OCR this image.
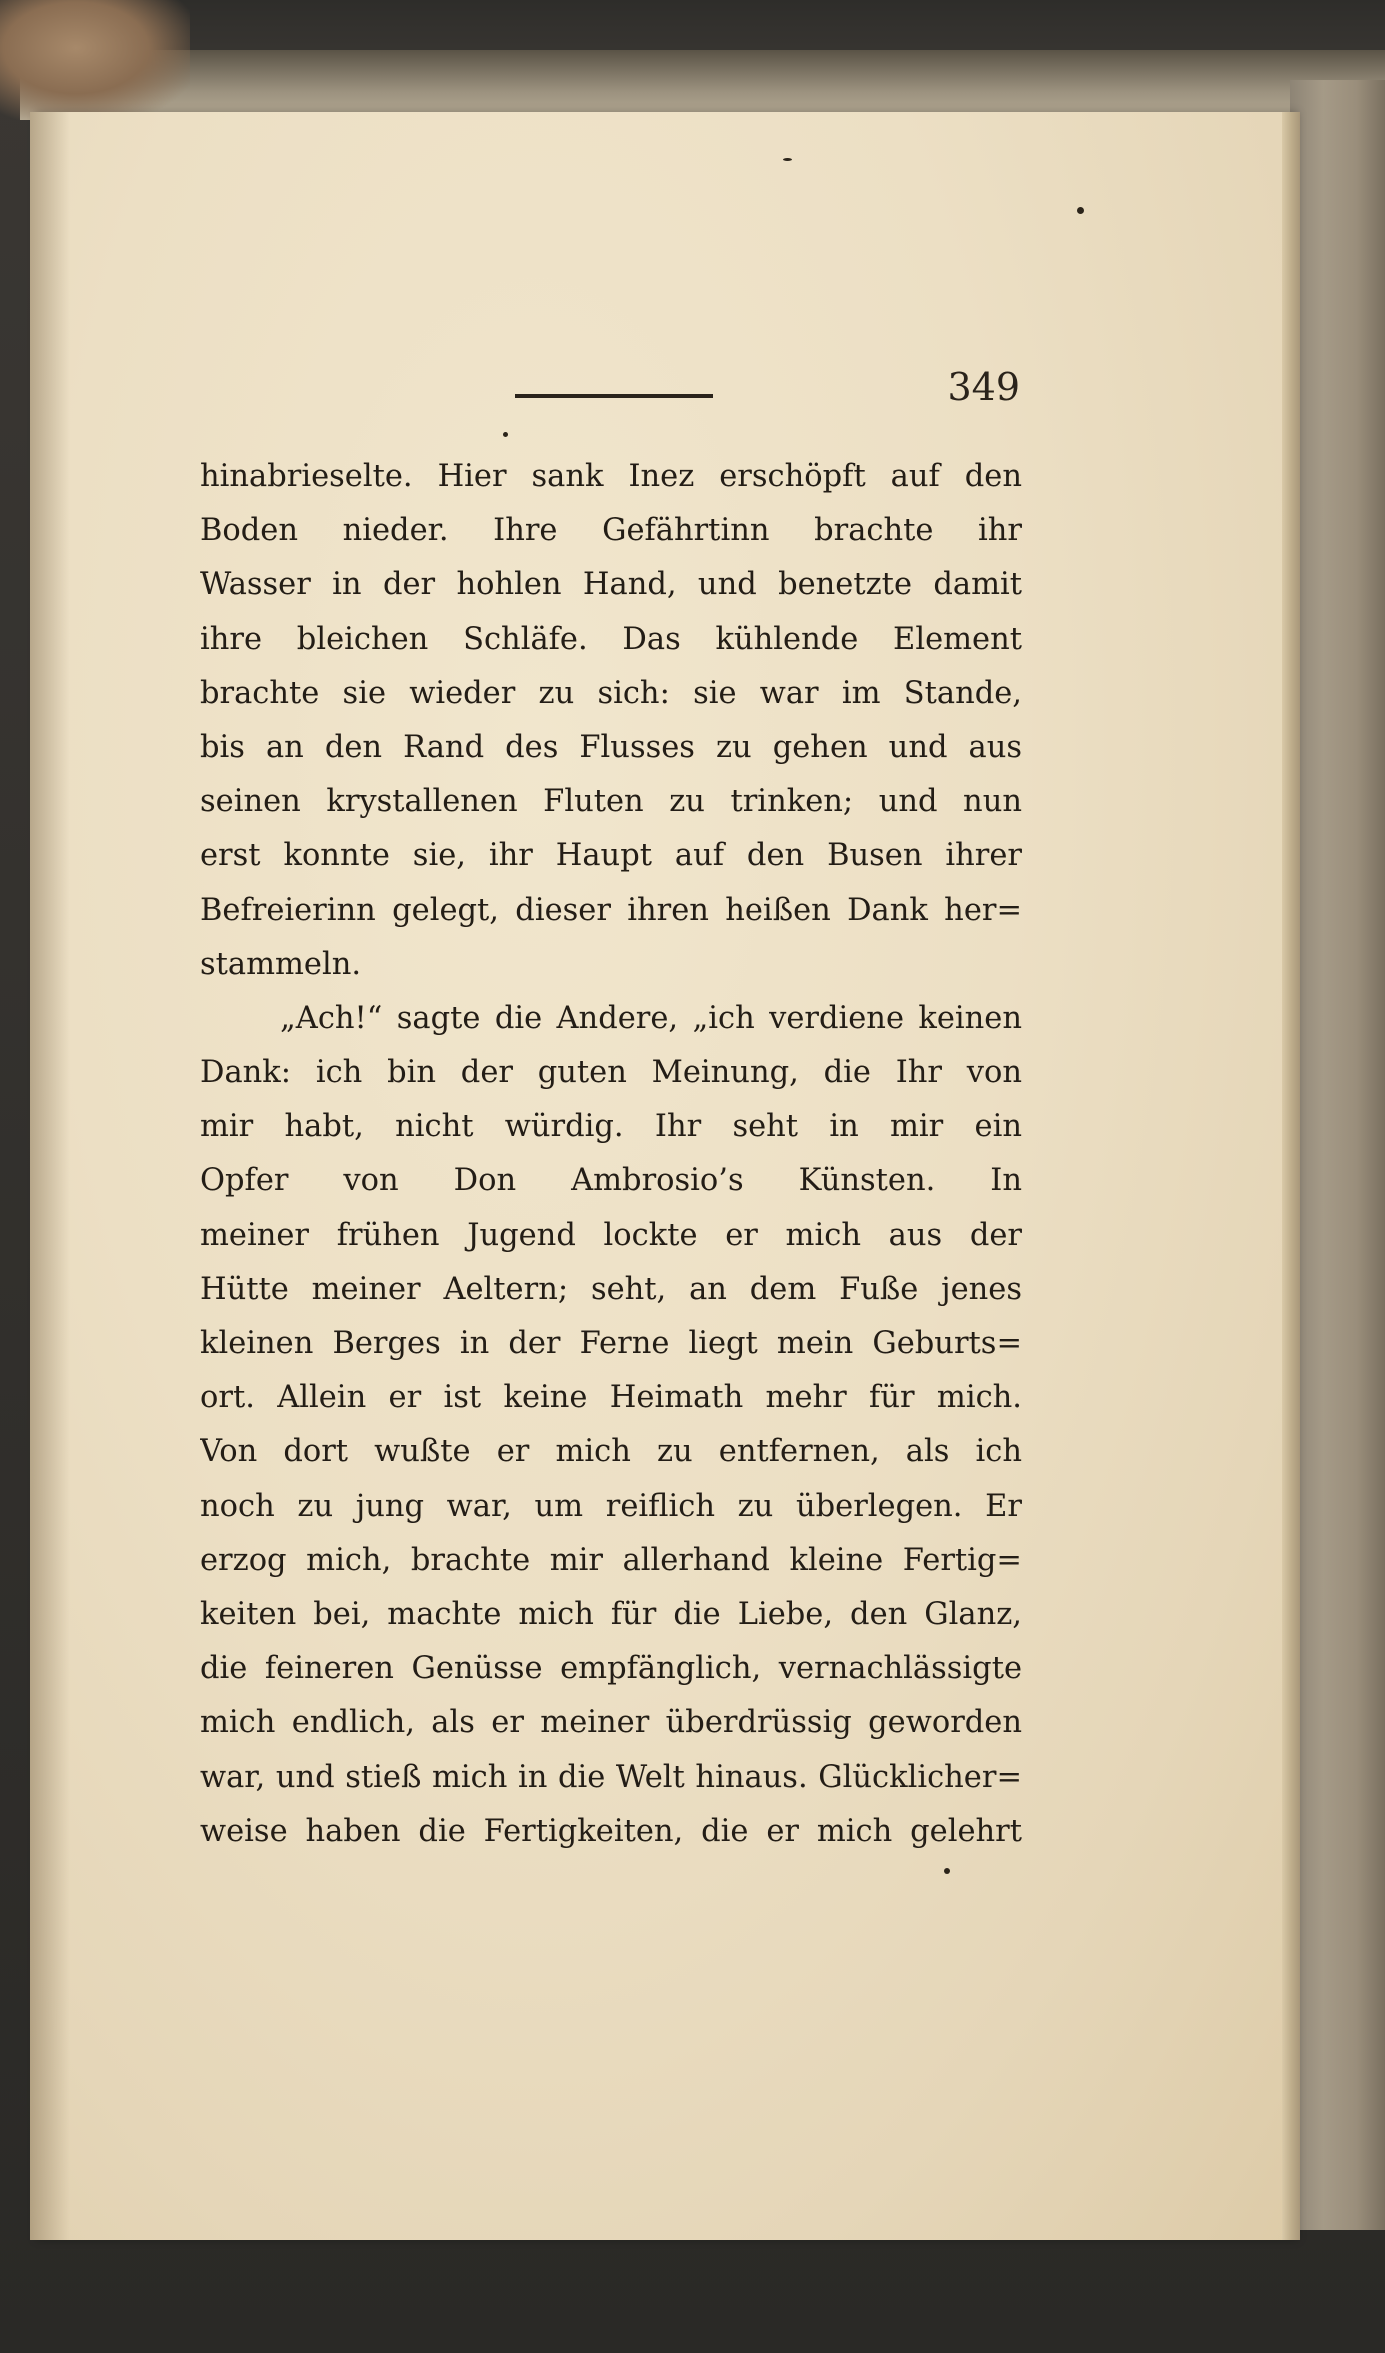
349
hinabrieselte. Hier sank Inez erschöpft auf den
Boden nieder. Ihre Gefährtinn brachte ihr
Wasser in der hohlen Hand, und benetzte damit
ihre bleichen Schläfe. Das kühlende Element
brachte sie wieder zu sich: sie war im Stande,
bis an den Rand des Flusses zu gehen und aus
seinen krystallenen Fluten zu trinken; und nun
erst konnte sie, ihr Haupt auf den Busen ihrer
Befreierinn gelegt, dieser ihren heißen Dank her=
stammeln.
„Ach!“ sagte die Andere, „ich verdiene keinen
Dank: ich bin der guten Meinung, die Ihr von
mir habt, nicht würdig. Ihr seht in mir ein
Opfer von Don Ambrosio’s Künsten. In
meiner frühen Jugend lockte er mich aus der
Hütte meiner Aeltern; seht, an dem Fuße jenes
kleinen Berges in der Ferne liegt mein Geburts=
ort. Allein er ist keine Heimath mehr für mich.
Von dort wußte er mich zu entfernen, als ich
noch zu jung war, um reiflich zu überlegen. Er
erzog mich, brachte mir allerhand kleine Fertig=
keiten bei, machte mich für die Liebe, den Glanz,
die feineren Genüsse empfänglich, vernachlässigte
mich endlich, als er meiner überdrüssig geworden
war, und stieß mich in die Welt hinaus. Glücklicher=
weise haben die Fertigkeiten, die er mich gelehrt
